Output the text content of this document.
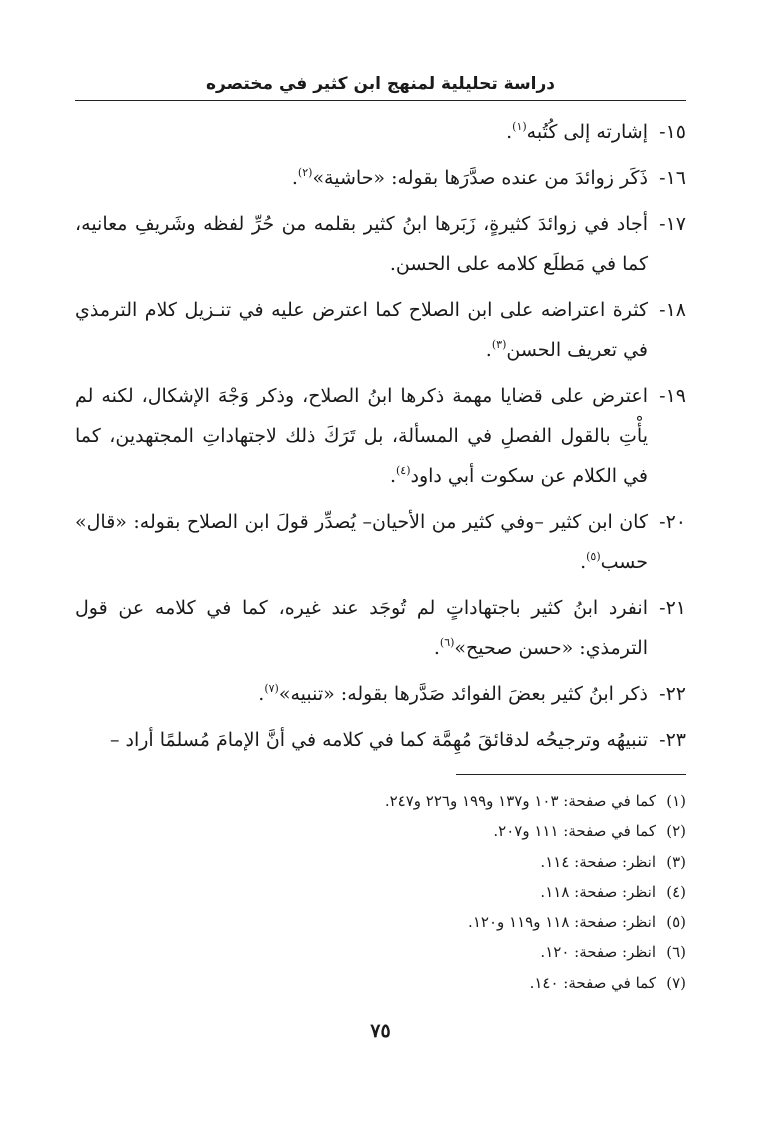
دراسة تحليلية لمنهج ابن كثير في مختصره
١٥-
إشارته إلى كُتُبه$^{(١)}$.
١٦-
ذَكَر زوائدَ من عنده صدَّرَها بقوله: «حاشية»$^{(٢)}$.
١٧-
أجاد في زوائدَ كثيرةٍ، زَبَرها ابنُ كثير بقلمه من حُرِّ لفظه وشَريفِ معانيه، كما في مَطلَع كلامه على الحسن.
١٨-
كثرة اعتراضه على ابن الصلاح كما اعترض عليه في تنـزيل كلام الترمذي في تعريف الحسن$^{(٣)}$.
١٩-
اعترض على قضايا مهمة ذكرها ابنُ الصلاح، وذكر وَجْهَ الإشكال، لكنه لم يأْتِ بالقول الفصلِ في المسألة، بل تَرَكَ ذلك لاجتهاداتِ المجتهدين، كما في الكلام عن سكوت أبي داود$^{(٤)}$.
٢٠-
كان ابن كثير –وفي كثير من الأحيان– يُصدِّر قولَ ابن الصلاح بقوله: «قال» حسب$^{(٥)}$.
٢١-
انفرد ابنُ كثير باجتهاداتٍ لم تُوجَد عند غيره، كما في كلامه عن قول الترمذي: «حسن صحيح»$^{(٦)}$.
٢٢-
ذكر ابنُ كثير بعضَ الفوائد صَدَّرها بقوله: «تنبيه»$^{(٧)}$.
٢٣-
تنبيهُه وترجيحُه لدقائقَ مُهِمَّة كما في كلامه في أنَّ الإمامَ مُسلمًا أراد –
(١)
كما في صفحة: ١٠٣ و١٣٧ و١٩٩ و٢٢٦ و٢٤٧.
(٢)
كما في صفحة: ١١١ و٢٠٧.
(٣)
انظر: صفحة: ١١٤.
(٤)
انظر: صفحة: ١١٨.
(٥)
انظر: صفحة: ١١٨ و١١٩ و١٢٠.
(٦)
انظر: صفحة: ١٢٠.
(٧)
كما في صفحة: ١٤٠.
٧٥
